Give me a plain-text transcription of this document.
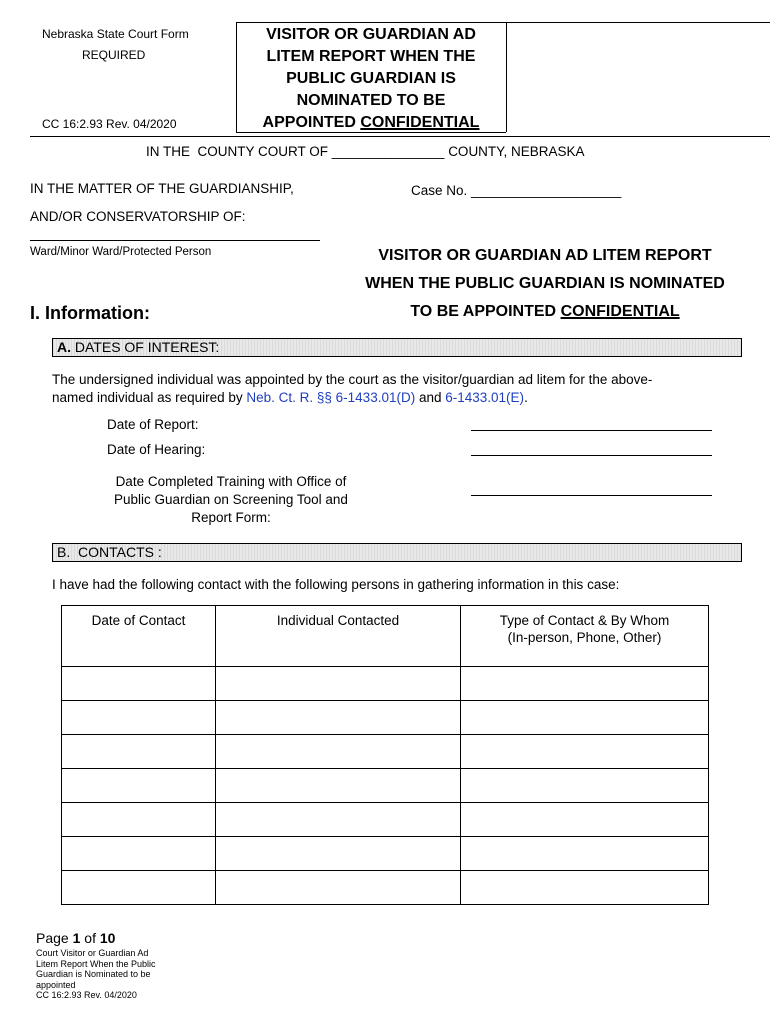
Nebraska State Court Form
REQUIRED
CC 16:2.93 Rev. 04/2020
VISITOR OR GUARDIAN AD
LITEM REPORT WHEN THE
PUBLIC GUARDIAN IS
NOMINATED TO BE
APPOINTED CONFIDENTIAL
IN THE  COUNTY COURT OF _______________ COUNTY, NEBRASKA
IN THE MATTER OF THE GUARDIANSHIP,
AND/OR CONSERVATORSHIP OF:
Case No. ____________________
Ward/Minor Ward/Protected Person	VISITOR OR GUARDIAN AD LITEM REPORT
WHEN THE PUBLIC GUARDIAN IS NOMINATED
TO BE APPOINTED CONFIDENTIAL
I. Information:
A. DATES OF INTEREST:
The undersigned individual was appointed by the court as the visitor/guardian ad litem for the above-
named individual as required by Neb. Ct. R. §§ 6-1433.01(D) and 6-1433.01(E).
Date of Report:
Date of Hearing:
Date Completed Training with Office of
Public Guardian on Screening Tool and
Report Form:
B.  CONTACTS :
I have had the following contact with the following persons in gathering information in this case:
Date of Contact	Individual Contacted	Type of Contact & By Whom
(In-person, Phone, Other)

Page 1 of 10
Court Visitor or Guardian Ad
Litem Report When the Public
Guardian is Nominated to be
appointed
CC 16:2.93 Rev. 04/2020
